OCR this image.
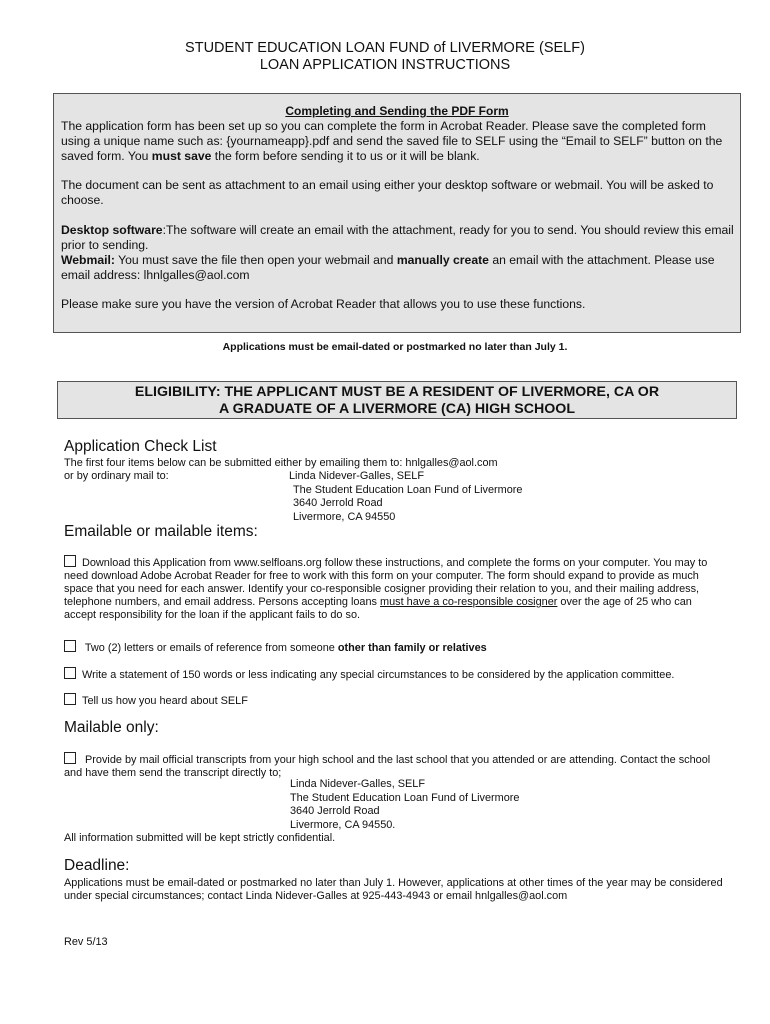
STUDENT EDUCATION LOAN FUND of LIVERMORE (SELF)
LOAN APPLICATION INSTRUCTIONS
Completing and Sending the PDF Form

The application form has been set up so you can complete the form in Acrobat Reader. Please save the completed form using a unique name such as: {yournameapp}.pdf and send the saved file to SELF using the “Email to SELF” button on the saved form. You must save the form before sending it to us or it will be blank.

The document can be sent as attachment to an email using either your desktop software or webmail. You will be asked to choose.

Desktop software:The software will create an email with the attachment, ready for you to send. You should review this email prior to sending.
Webmail: You must save the file then open your webmail and manually create an email with the attachment. Please use email address: lhnlgalles@aol.com

Please make sure you have the version of Acrobat Reader that allows you to use these functions.

Applications must be email-dated or postmarked no later than July 1.
ELIGIBILITY: THE APPLICANT MUST BE A RESIDENT OF LIVERMORE, CA OR
A GRADUATE OF A LIVERMORE (CA) HIGH SCHOOL
Application Check List
The first four items below can be submitted either by emailing them to: hnlgalles@aol.com
or by ordinary mail to:	Linda Nidever-Galles, SELF
The Student Education Loan Fund of Livermore
3640 Jerrold Road
Livermore, CA 94550
Emailable or mailable items:
Download this Application from www.selfloans.org follow these instructions, and complete the forms on your computer. You may to need download Adobe Acrobat Reader for free to work with this form on your computer. The form should expand to provide as much space that you need for each answer. Identify your co-responsible cosigner providing their relation to you, and their mailing address, telephone numbers, and email address. Persons accepting loans must have a co-responsible cosigner over the age of 25 who can accept responsibility for the loan if the applicant fails to do so.
Two (2) letters or emails of reference from someone other than family or relatives
Write a statement of 150 words or less indicating any special circumstances to be considered by the application committee.
Tell us how you heard about SELF
Mailable only:
Provide by mail official transcripts from your high school and the last school that you attended or are attending. Contact the school and have them send the transcript directly to;
Linda Nidever-Galles, SELF
The Student Education Loan Fund of Livermore
3640 Jerrold Road
Livermore, CA 94550.
All information submitted will be kept strictly confidential.
Deadline:
Applications must be email-dated or postmarked no later than July 1. However, applications at other times of the year may be considered under special circumstances; contact Linda Nidever-Galles at 925-443-4943 or email hnlgalles@aol.com
Rev 5/13
